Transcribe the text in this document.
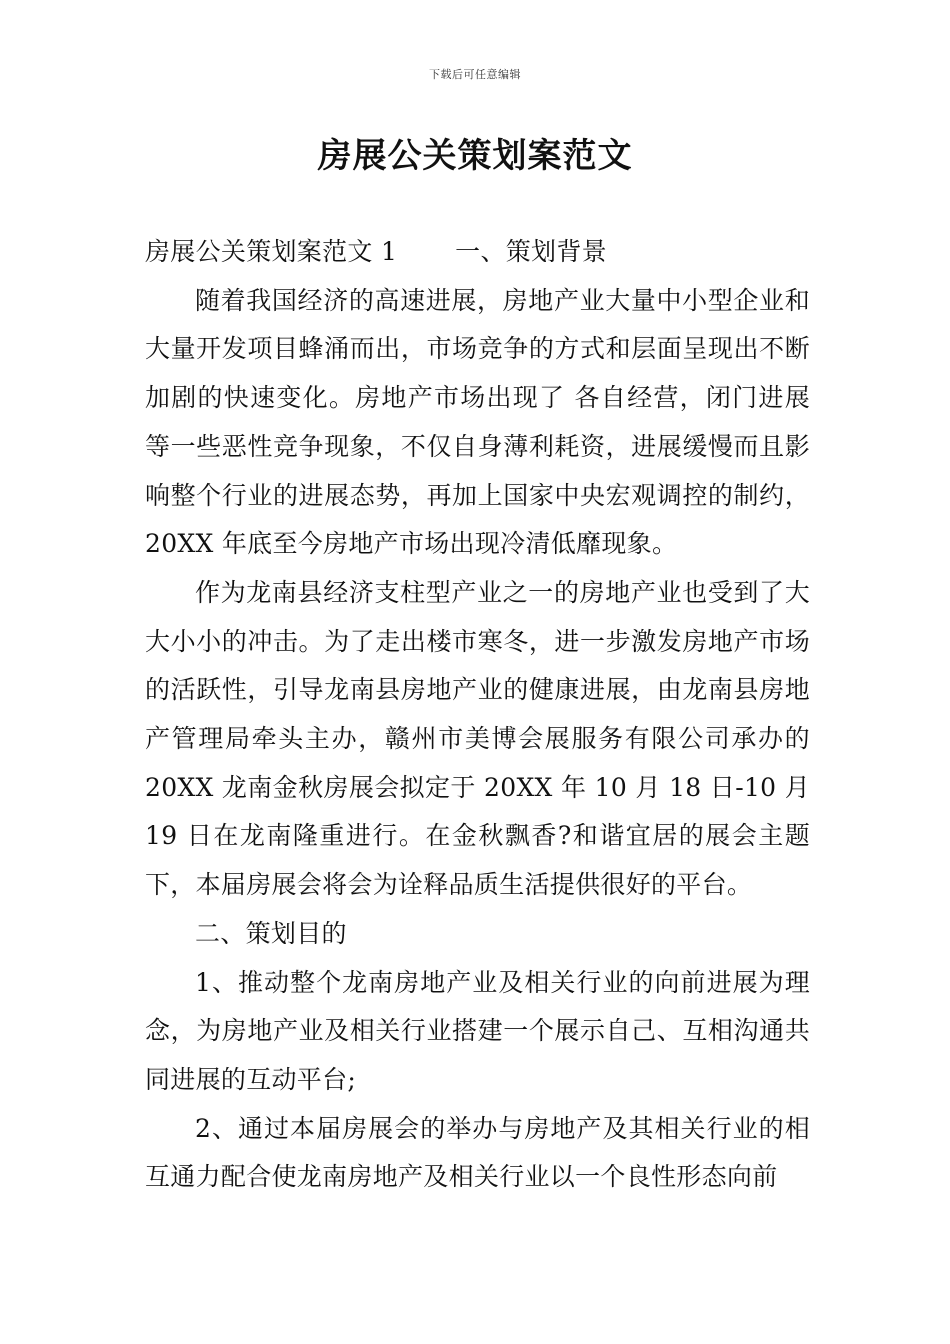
下载后可任意编辑
房展公关策划案范文

房展公关策划案范文 1 一、策划背景

随着我国经济的高速进展，房地产业大量中小型企业和大量开发项目蜂涌而出，市场竞争的方式和层面呈现出不断加剧的快速变化。房地产市场出现了 各自经营，闭门进展等一些恶性竞争现象，不仅自身薄利耗资，进展缓慢而且影响整个行业的进展态势，再加上国家中央宏观调控的制约，20XX 年底至今房地产市场出现冷清低靡现象。

作为龙南县经济支柱型产业之一的房地产业也受到了大大小小的冲击。为了走出楼市寒冬，进一步激发房地产市场的活跃性，引导龙南县房地产业的健康进展，由龙南县房地产管理局牵头主办，赣州市美博会展服务有限公司承办的 20XX 龙南金秋房展会拟定于 20XX 年 10 月 18 日-10 月 19 日在龙南隆重进行。在金秋飘香?和谐宜居的展会主题下，本届房展会将会为诠释品质生活提供很好的平台。

二、策划目的

1、推动整个龙南房地产业及相关行业的向前进展为理念，为房地产业及相关行业搭建一个展示自己、互相沟通共同进展的互动平台;

2、通过本届房展会的举办与房地产及其相关行业的相互通力配合使龙南房地产及相关行业以一个良性形态向前
